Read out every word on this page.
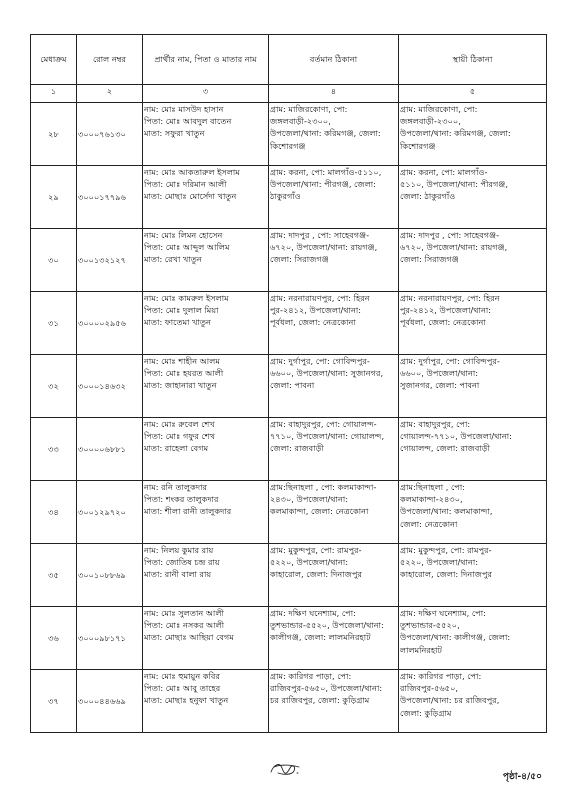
মেধাক্রম	রোল নম্বর	প্রার্থীর নাম, পিতা ও মাতার নাম	বর্তমান ঠিকানা	স্থায়ী ঠিকানা
১	২	৩	৪	৫
২৮	৩০০০৭৬১৩০	নাম: মোঃ মাসউদ হাসান
পিতা: মোঃ আবদুল বাতেন
মাতা: সফুরা খাতুন	গ্রাম: মাজিরকোণা, পো:
জঙ্গলবাড়ী-২৩০০,
উপজেলা/থানা: করিমগঞ্জ, জেলা:
কিশোরগঞ্জ	গ্রাম: মাজিরকোণা, পো:
জঙ্গলবাড়ী-২৩০০,
উপজেলা/থানা: করিমগঞ্জ, জেলা:
কিশোরগঞ্জ

২৯	৩০০০১৭৭৯৬	নাম: মোঃ আকতারুল ইসলাম
পিতা: মোঃ দরিমান আলী
মাতা: মোছাঃ মোর্সেদা খাতুন	গ্রাম: করনা, পো: মালগাঁও-৫১১০,
উপজেলা/থানা: পীরগঞ্জ, জেলা:
ঠাকুরগাঁও	গ্রাম: করনা, পো: মালগাঁও-
৫১১০, উপজেলা/থানা: পীরগঞ্জ,
জেলা: ঠাকুরগাঁও

৩০	৩০০১৩২১২৭	নাম: মোঃ লিমন হোসেন
পিতা: মোঃ আব্দুল আলিম
মাতা: রেখা খাতুন	গ্রাম: দাদপুর , পো: সাহেবগঞ্জ-
৬৭২০, উপজেলা/থানা: রায়গঞ্জ,
জেলা: সিরাজগঞ্জ	গ্রাম: দাদপুর , পো: সাহেবগঞ্জ-
৬৭২০, উপজেলা/থানা: রায়গঞ্জ,
জেলা: সিরাজগঞ্জ

৩১	৩০০০০২৯৫৬	নাম: মোঃ কামরুল ইসলাম
পিতা: মোঃ দুলাল মিয়া
মাতা: ফাতেমা খাতুন	গ্রাম: নরনারায়ণপুর, পো: হিরন
পুর-২৪১২, উপজেলা/থানা:
পূর্বধলা, জেলা: নেত্রকোনা	গ্রাম: নরনারায়ণপুর, পো: হিরন
পুর-২৪১২, উপজেলা/থানা:
পূর্বধলা, জেলা: নেত্রকোনা

৩২	৩০০০১৪৬৩২	নাম: মোঃ শাহীন আলম
পিতা: মোঃ হযরত আলী
মাতা: জাহানারা খাতুন	গ্রাম: দুর্গাপুর, পো: গোবিন্দপুর-
৬৬০০, উপজেলা/থানা: সুজানগর,
জেলা: পাবনা	গ্রাম: দুর্গাপুর, পো: গোবিন্দপুর-
৬৬০০, উপজেলা/থানা:
সুজানগর, জেলা: পাবনা

৩৩	৩০০০০৬৮৮১	নাম: মোঃ রুবেল শেখ
পিতা: মোঃ গফুর শেখ
মাতা: রাহেলা বেগম	গ্রাম: বাহাদুরপুর, পো: গোয়ালন্দ-
৭৭১০, উপজেলা/থানা: গোয়ালন্দ,
জেলা: রাজবাড়ী	গ্রাম: বাহাদুরপুর, পো:
গোয়ালন্দ-৭৭১০, উপজেলা/থানা:
গোয়ালন্দ, জেলা: রাজবাড়ী

৩৪	৩০০১২৯৭২০	নাম: রনি তালুকদার
পিতা: শংকর তালুকদার
মাতা: শীলা রানী তালুকদার	গ্রাম:ছিনাহলা , পো: কলমাকান্দা-
২৪৩০, উপজেলা/থানা:
কলমাকান্দা, জেলা: নেত্রকোনা	গ্রাম:ছিনাহলা , পো:
কলমাকান্দা-২৪৩০,
উপজেলা/থানা: কলমাকান্দা,
জেলা: নেত্রকোনা

৩৫	৩০০১০৮৮৬৯	নাম: নিলয় কুমার রায়
পিতা: জোতিষ চন্দ্র রায়
মাতা: রানী বালা রায়	গ্রাম: মুকুন্দপুর, পো: রামপুর-
৫২২০, উপজেলা/থানা:
কাহারোল, জেলা: দিনাজপুর	গ্রাম: মুকুন্দপুর, পো: রামপুর-
৫২২০, উপজেলা/থানা:
কাহারোল, জেলা: দিনাজপুর

৩৬	৩০০০৯৮১৭১	নাম: মোঃ সুলতান আলী
পিতা: মোঃ নসকর আলী
মাতা: মোছাঃ আছিয়া বেগম	গ্রাম: দক্ষিণ ঘনেশ্যাম, পো:
তুশভান্ডার-৫৫২০, উপজেলা/থানা:
কালীগঞ্জ, জেলা: লালমনিরহাট	গ্রাম: দক্ষিণ ঘনেশ্যাম, পো:
তুশভান্ডার-৫৫২০,
উপজেলা/থানা: কালীগঞ্জ, জেলা:
লালমনিরহাট

৩৭	৩০০০৪৪৬৬৯	নাম: মোঃ হুমায়ুন কবির
পিতা: মোঃ আবু তাহের
মাতা: মোছাঃ হনুফা খাতুন	গ্রাম: কারিগর পাড়া, পো:
রাজিবপুর-৫৬৫০, উপজেলা/থানা:
চর রাজিবপুর, জেলা: কুড়িগ্রাম	গ্রাম: কারিগর পাড়া, পো:
রাজিবপুর-৫৬৫০,
উপজেলা/থানা: চর রাজিবপুর,
জেলা: কুড়িগ্রাম
পৃষ্ঠা-৪/৫০
